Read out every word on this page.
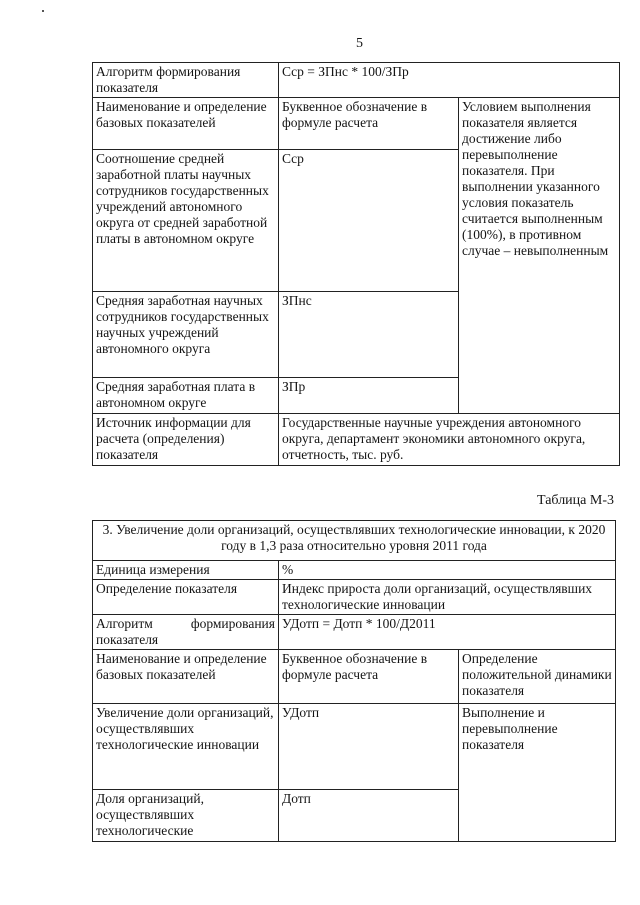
5
Алгоритм формирования показателя	Сср = ЗПнс * 100/ЗПр	
Наименование и определение базовых показателей	Буквенное обозначение в формуле расчета	Условием выполнения показателя является достижение либо перевыполнение показателя. При выполнении указанного условия показатель считается выполненным (100%), в противном случае – невыполненным
Соотношение средней заработной платы научных сотрудников государственных учреждений автономного округа от средней заработной платы в автономном округе	Сср	
Средняя заработная научных сотрудников государственных научных учреждений автономного округа	ЗПнс	
Средняя заработная плата в автономном округе	ЗПр	
Источник информации для расчета (определения) показателя	Государственные научные учреждения автономного округа, департамент экономики автономного округа, отчетность, тыс. руб.	
Таблица М-3
3. Увеличение доли организаций, осуществлявших технологические инновации, к 2020 году в 1,3 раза относительно уровня 2011 года		
Единица измерения	%	
Определение показателя	Индекс прироста доли организаций, осуществлявших технологические инновации	
Алгоритм формирования показателя	УДотп = Дотп * 100/Д2011	
Наименование и определение базовых показателей	Буквенное обозначение в формуле расчета	Определение положительной динамики показателя
Увеличение доли организаций, осуществлявших технологические инновации	УДотп	Выполнение и перевыполнение показателя
Доля организаций, осуществлявших технологические	Дотп	
